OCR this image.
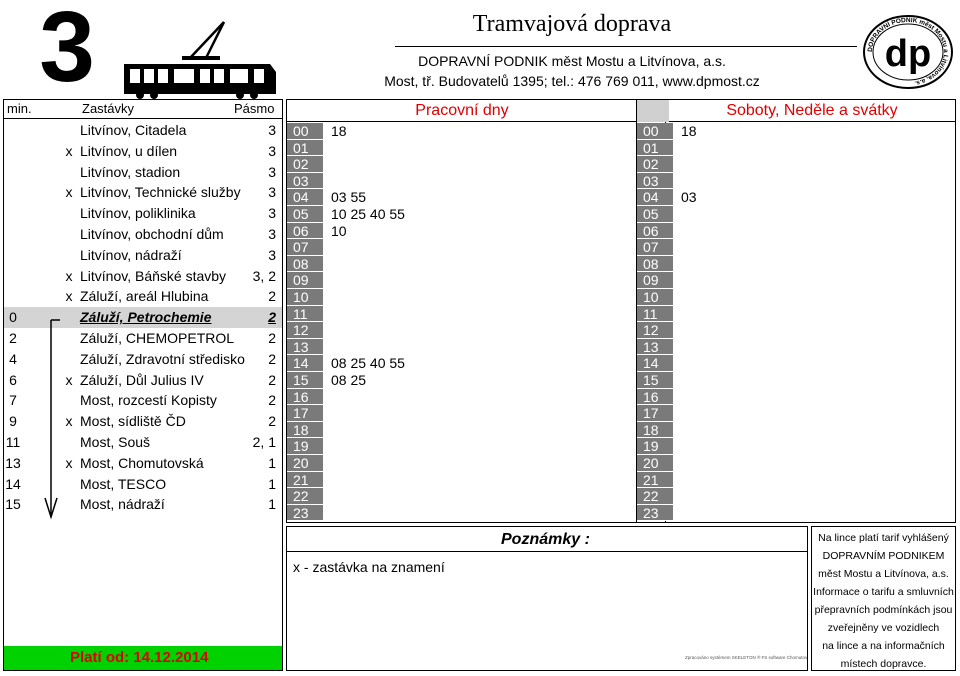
3	Tramvajová doprava
DOPRAVNÍ PODNIK měst Mostu a Litvínova, a.s.
Most, tř. Budovatelů 1395; tel.: 476 769 011, www.dpmost.cz
DOPRAVNÍ PODNIK měst Mostu a Litvínova, a.s.
dp
min.	Zastávky	Pásmo
Litvínov, Citadela	3
x Litvínov, u dílen	3
Litvínov, stadion	3
x Litvínov, Technické služby	3
Litvínov, poliklinika	3
Litvínov, obchodní dům	3
Litvínov, nádraží	3
x Litvínov, Báňské stavby	3, 2
x Záluží, areál Hlubina	2
0	Záluží, Petrochemie	2
2	Záluží, CHEMOPETROL	2
4	Záluží, Zdravotní středisko	2
6	x Záluží, Důl Julius IV	2
7	Most, rozcestí Kopisty	2
9	x Most, sídliště ČD	2
11	Most, Souš	2, 1
13	x Most, Chomutovská	1
14	Most, TESCO	1
15	Most, nádraží	1
Platí od: 14.12.2014
Pracovní dny
00	18
01
02
03
04	03 55
05	10 25 40 55
06	10
07
08
09
10
11
12
13
14	08 25 40 55
15	08 25
16
17
18
19
20
21
22
23
Soboty, Neděle a svátky
00	18
01
02
03
04	03
05
06
07
08
09
10
11
12
13
14
15
16
17
18
19
20
21
22
23
Poznámky :
x - zastávka na znamení
Zpracováno systémem SKELETON ® FS software Chomutov
Na lince platí tarif vyhlášený
DOPRAVNÍM PODNIKEM
měst Mostu a Litvínova, a.s.
Informace o tarifu a smluvních
přepravních podmínkách jsou
zveřejněny ve vozidlech
na lince a na informačních
místech dopravce.
